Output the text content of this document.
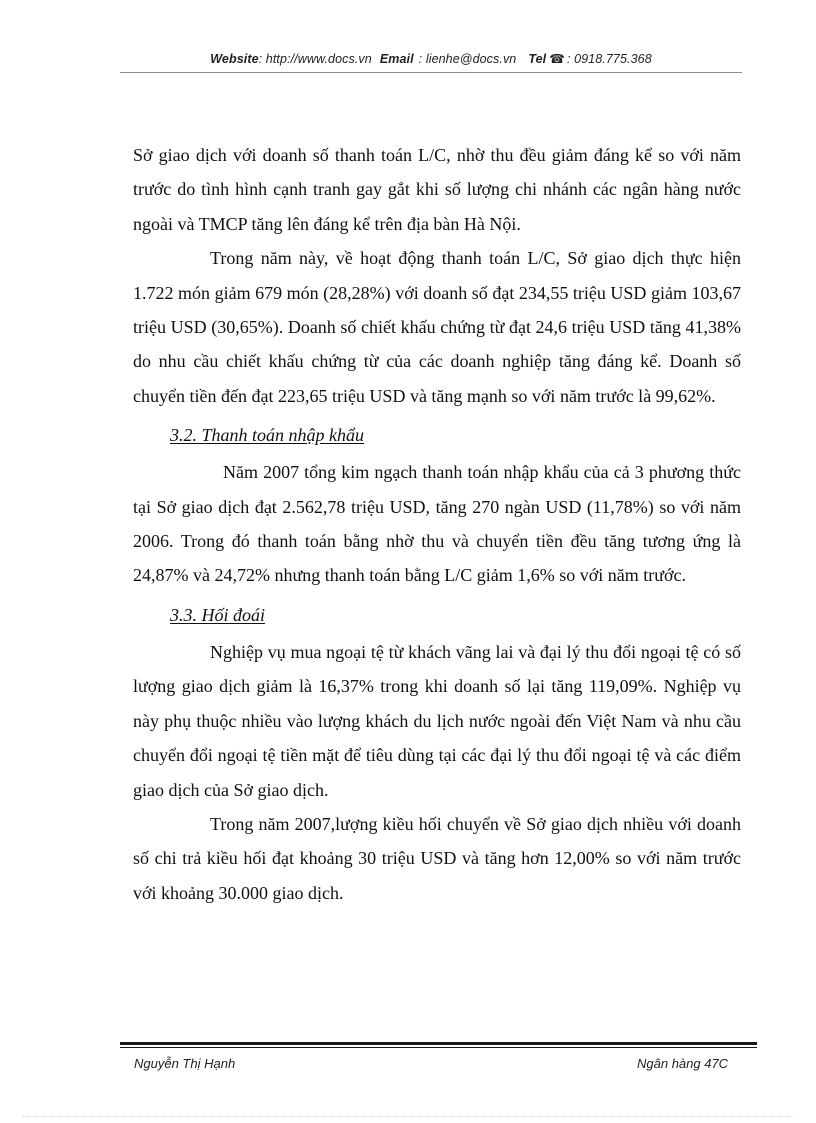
Website: http://www.docs.vn Email : lienhe@docs.vn Tel ☎ : 0918.775.368

Sở giao dịch với doanh số thanh toán L/C, nhờ thu đều giảm đáng kể so với năm trước do tình hình cạnh tranh gay gắt khi số lượng chi nhánh các ngân hàng nước ngoài và TMCP tăng lên đáng kể trên địa bàn Hà Nội.

Trong năm này, về hoạt động thanh toán L/C, Sở giao dịch thực hiện 1.722 món giảm 679 món (28,28%) với doanh số đạt 234,55 triệu USD giảm 103,67 triệu USD (30,65%). Doanh số chiết khấu chứng từ đạt 24,6 triệu USD tăng 41,38% do nhu cầu chiết khấu chứng từ của các doanh nghiệp tăng đáng kể. Doanh số chuyển tiền đến đạt 223,65 triệu USD và tăng mạnh so với năm trước là 99,62%.

3.2. Thanh toán nhập khẩu

Năm 2007 tổng kim ngạch thanh toán nhập khẩu của cả 3 phương thức tại Sở giao dịch đạt 2.562,78 triệu USD, tăng 270 ngàn USD (11,78%) so với năm 2006. Trong đó thanh toán bằng nhờ thu và chuyển tiền đều tăng tương ứng là 24,87% và 24,72% nhưng thanh toán bằng L/C giảm 1,6% so với năm trước.

3.3. Hối đoái

Nghiệp vụ mua ngoại tệ từ khách vãng lai và đại lý thu đổi ngoại tệ có số lượng giao dịch giảm là 16,37% trong khi doanh số lại tăng 119,09%. Nghiệp vụ này phụ thuộc nhiều vào lượng khách du lịch nước ngoài đến Việt Nam và nhu cầu chuyển đổi ngoại tệ tiền mặt để tiêu dùng tại các đại lý thu đổi ngoại tệ và các điểm giao dịch của Sở giao dịch.

Trong năm 2007,lượng kiều hối chuyển về Sở giao dịch nhiều với doanh số chi trả kiều hối đạt khoảng 30 triệu USD và tăng hơn 12,00% so với năm trước với khoảng 30.000 giao dịch.

Nguyễn Thị Hạnh	Ngân hàng 47C
